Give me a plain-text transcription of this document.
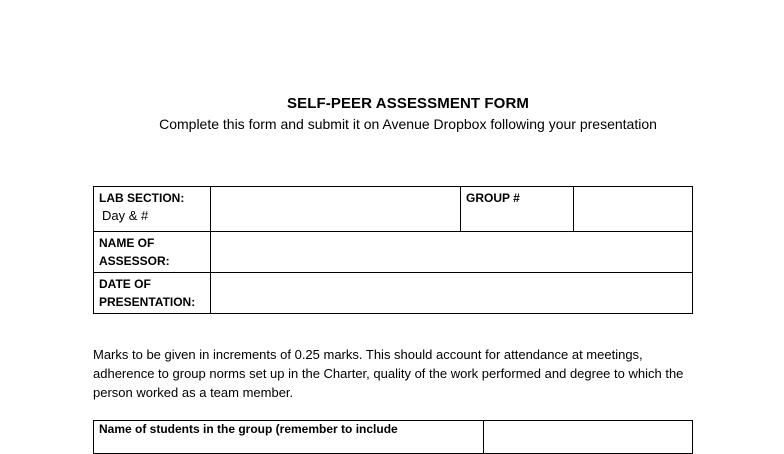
SELF-PEER ASSESSMENT FORM
Complete this form and submit it on Avenue Dropbox following your presentation
LAB SECTION:
Day & #		GROUP #	

NAME OF
ASSESSOR:			

DATE OF
PRESENTATION:			

Marks to be given in increments of 0.25 marks. This should account for attendance at meetings, adherence to group norms set up in the Charter, quality of the work performed and degree to which the person worked as a team member.
Name of students in the group (remember to include	
